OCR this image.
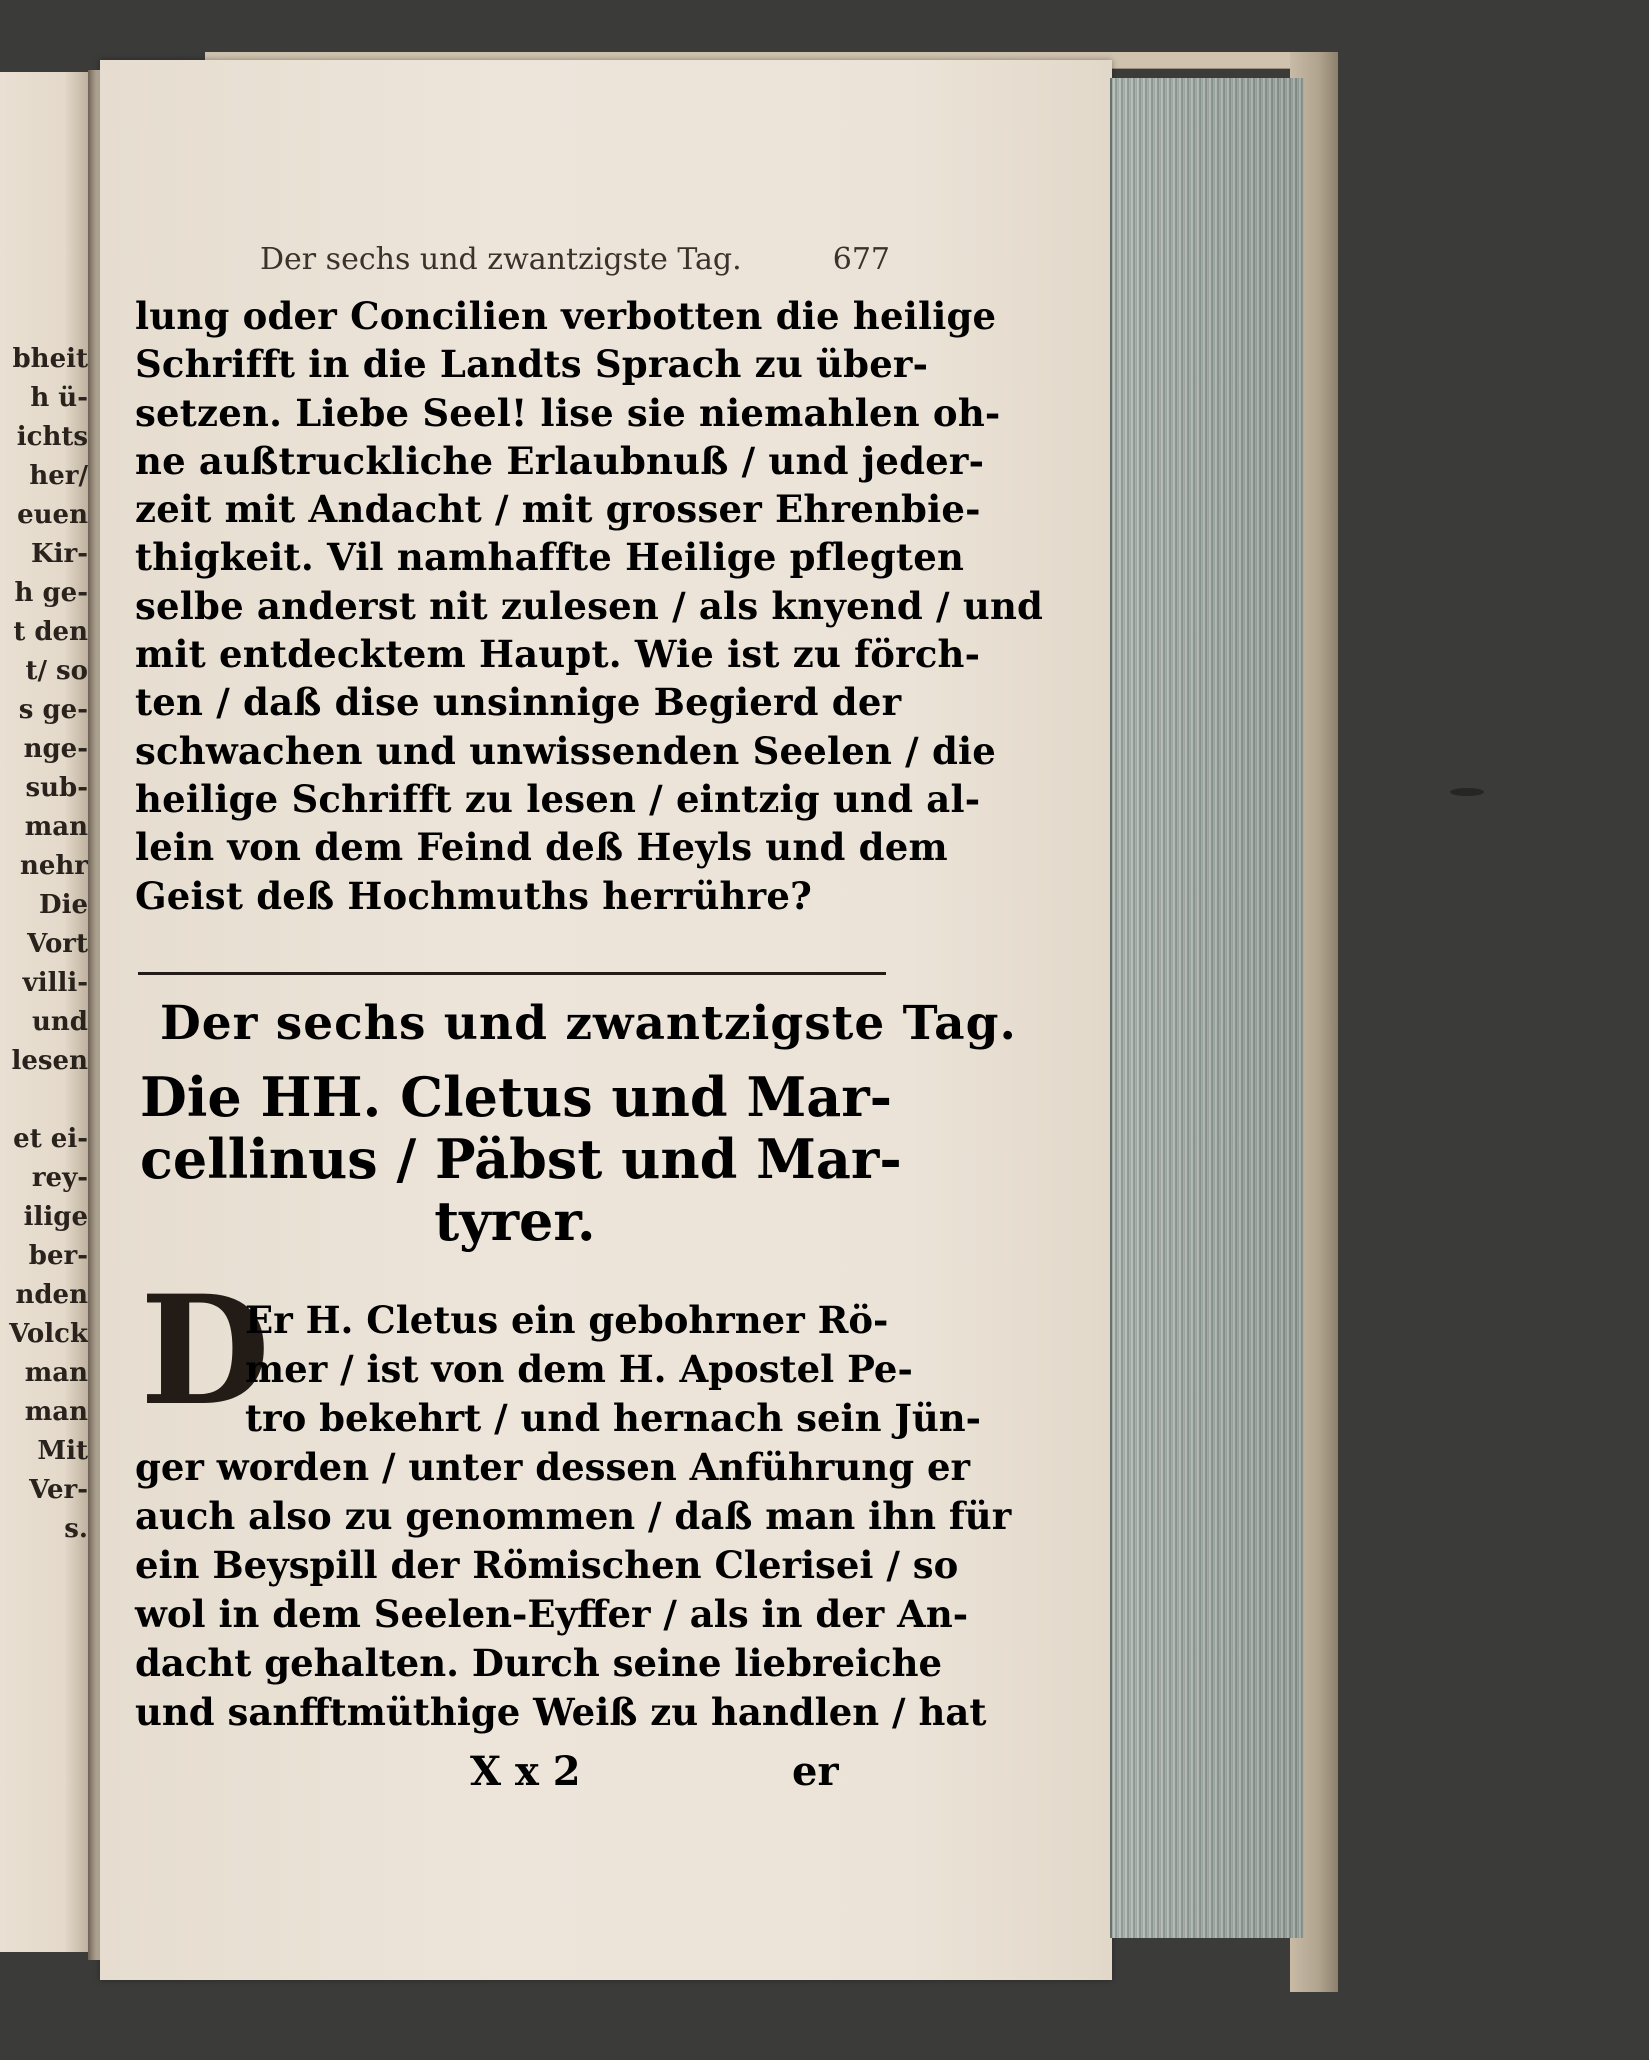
bheit
h ü-
ichts
her/
euen
Kir-
h ge-
t den
t/ so
s ge-
nge-
sub-
man
nehr
Die
Vort
villi-
und
lesen

et ei-
rey-
ilige
ber-
nden
Volck
man
man
Mit
Ver-
s.
Der sechs und zwantzigste Tag.	677
lung oder Concilien verbotten die heilige
Schrifft in die Landts Sprach zu über-
setzen. Liebe Seel! lise sie niemahlen oh-
ne außtruckliche Erlaubnuß / und jeder-
zeit mit Andacht / mit grosser Ehrenbie-
thigkeit. Vil namhaffte Heilige pflegten
selbe anderst nit zulesen / als knyend / und
mit entdecktem Haupt. Wie ist zu förch-
ten / daß dise unsinnige Begierd der
schwachen und unwissenden Seelen / die
heilige Schrifft zu lesen / eintzig und al-
lein von dem Feind deß Heyls und dem
Geist deß Hochmuths herrühre?
Der sechs und zwantzigste Tag.
Die HH. Cletus und Mar-
cellinus / Päbst und Mar-
tyrer.
D
Er H. Cletus ein gebohrner Rö-
mer / ist von dem H. Apostel Pe-
tro bekehrt / und hernach sein Jün-
ger worden / unter dessen Anführung er
auch also zu genommen / daß man ihn für
ein Beyspill der Römischen Clerisei / so
wol in dem Seelen-Eyffer / als in der An-
dacht gehalten. Durch seine liebreiche
und sanfftmüthige Weiß zu handlen / hat
X x 2	er
